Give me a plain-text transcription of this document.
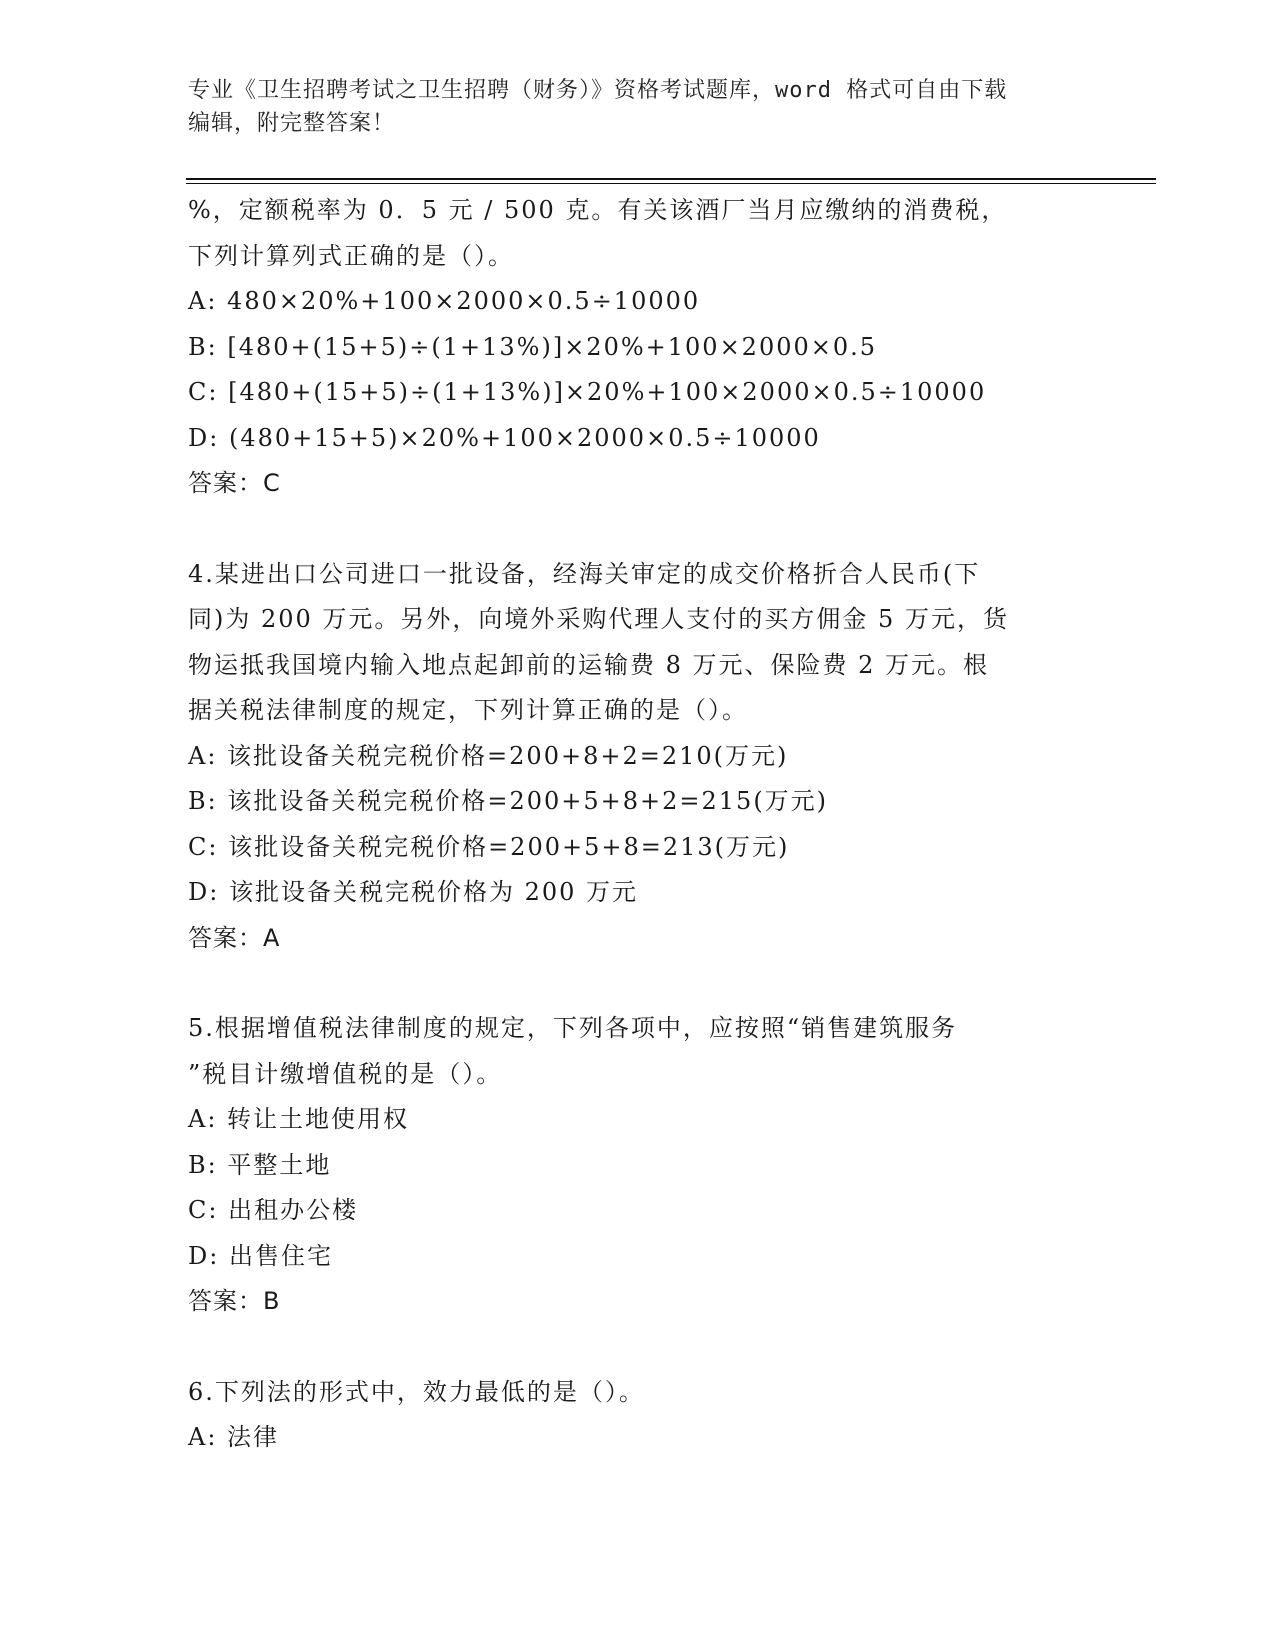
专业《卫生招聘考试之卫生招聘（财务）》资格考试题库，word 格式可自由下载
编辑，附完整答案！
%，定额税率为 0．5 元 / 500 克。有关该酒厂当月应缴纳的消费税，
下列计算列式正确的是（）。
A: 480×20%+100×2000×0.5÷10000
B: [480+(15+5)÷(1+13%)]×20%+100×2000×0.5
C: [480+(15+5)÷(1+13%)]×20%+100×2000×0.5÷10000
D: (480+15+5)×20%+100×2000×0.5÷10000
答案：C
4.某进出口公司进口一批设备，经海关审定的成交价格折合人民币(下
同)为 200 万元。另外，向境外采购代理人支付的买方佣金 5 万元，货
物运抵我国境内输入地点起卸前的运输费 8 万元、保险费 2 万元。根
据关税法律制度的规定，下列计算正确的是（）。
A: 该批设备关税完税价格=200+8+2=210(万元)
B: 该批设备关税完税价格=200+5+8+2=215(万元)
C: 该批设备关税完税价格=200+5+8=213(万元)
D: 该批设备关税完税价格为 200 万元
答案：A
5.根据增值税法律制度的规定，下列各项中，应按照“销售建筑服务
”税目计缴增值税的是（）。
A: 转让土地使用权
B: 平整土地
C: 出租办公楼
D: 出售住宅
答案：B
6.下列法的形式中，效力最低的是（）。
A: 法律
